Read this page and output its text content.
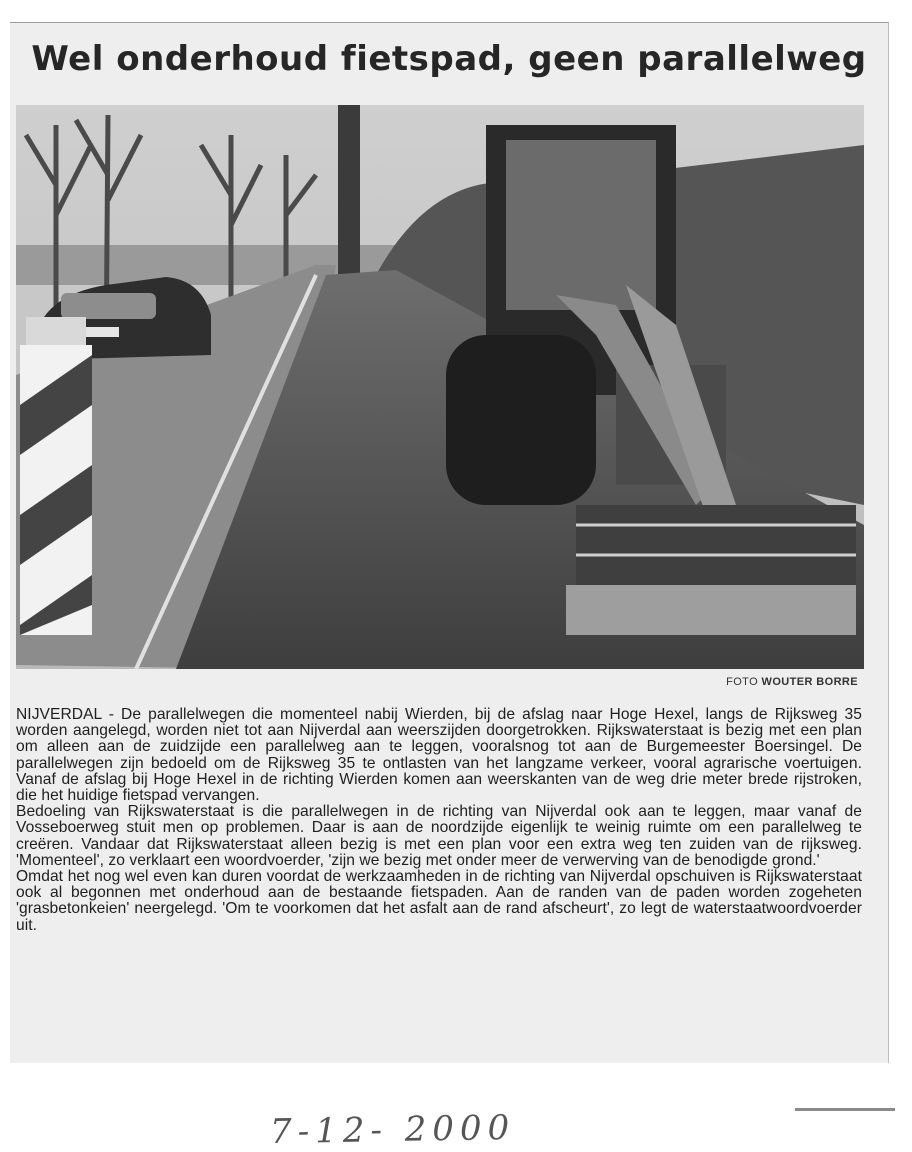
Wel onderhoud fietspad, geen parallelweg
FOTO WOUTER BORRE

NIJVERDAL - De parallelwegen die momenteel nabij Wierden, bij de afslag naar Hoge Hexel, langs de Rijksweg 35 worden aangelegd, worden niet tot aan Nijverdal aan weerszijden doorgetrokken. Rijkswaterstaat is bezig met een plan om alleen aan de zuidzijde een parallelweg aan te leggen, vooralsnog tot aan de Burgemeester Boersingel. De parallelwegen zijn bedoeld om de Rijksweg 35 te ontlasten van het langzame verkeer, vooral agrarische voertuigen. Vanaf de afslag bij Hoge Hexel in de richting Wierden komen aan weerskanten van de weg drie meter brede rijstroken, die het huidige fietspad vervangen.

Bedoeling van Rijkswaterstaat is die parallelwegen in de richting van Nijverdal ook aan te leggen, maar vanaf de Vosseboerweg stuit men op problemen. Daar is aan de noordzijde eigenlijk te weinig ruimte om een parallelweg te creëren. Vandaar dat Rijkswaterstaat alleen bezig is met een plan voor een extra weg ten zuiden van de rijksweg. 'Momenteel', zo verklaart een woordvoerder, 'zijn we bezig met onder meer de verwerving van de benodigde grond.'

Omdat het nog wel even kan duren voordat de werkzaamheden in de richting van Nijverdal opschuiven is Rijkswaterstaat ook al begonnen met onderhoud aan de bestaande fietspaden. Aan de randen van de paden worden zogeheten 'grasbetonkeien' neergelegd. 'Om te voorkomen dat het asfalt aan de rand afscheurt', zo legt de waterstaatwoordvoerder uit.

7-12- 2000
